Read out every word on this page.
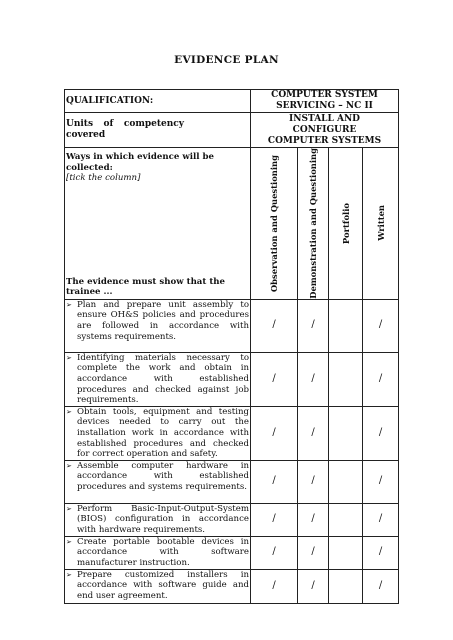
EVIDENCE PLAN
QUALIFICATION:	COMPUTER SYSTEM SERVICING – NC II			

Units of competency covered	INSTALL AND CONFIGURE COMPUTER SYSTEMS			

Ways in which evidence will be collected:
[tick the column]
The evidence must show that the trainee ...	Observation and Questioning	Demonstration and Questioning	Portfolio	Written

➢ Plan and prepare unit assembly to ensure OH&S policies and procedures are followed in accordance with systems requirements.	/	/		/

➢ Identifying materials necessary to complete the work and obtain in accordance with established procedures and checked against job requirements.	/	/		/

➢ Obtain tools, equipment and testing devices needed to carry out the installation work in accordance with established procedures and checked for correct operation and safety.	/	/		/

➢ Assemble computer hardware in accordance with established procedures and systems requirements.	/	/		/

➢ Perform Basic-Input-Output-System (BIOS) configuration in accordance with hardware requirements.	/	/		/

➢ Create portable bootable devices in accordance with software manufacturer instruction.	/	/		/

➢ Prepare customized installers in accordance with software guide and end user agreement.	/	/		/
